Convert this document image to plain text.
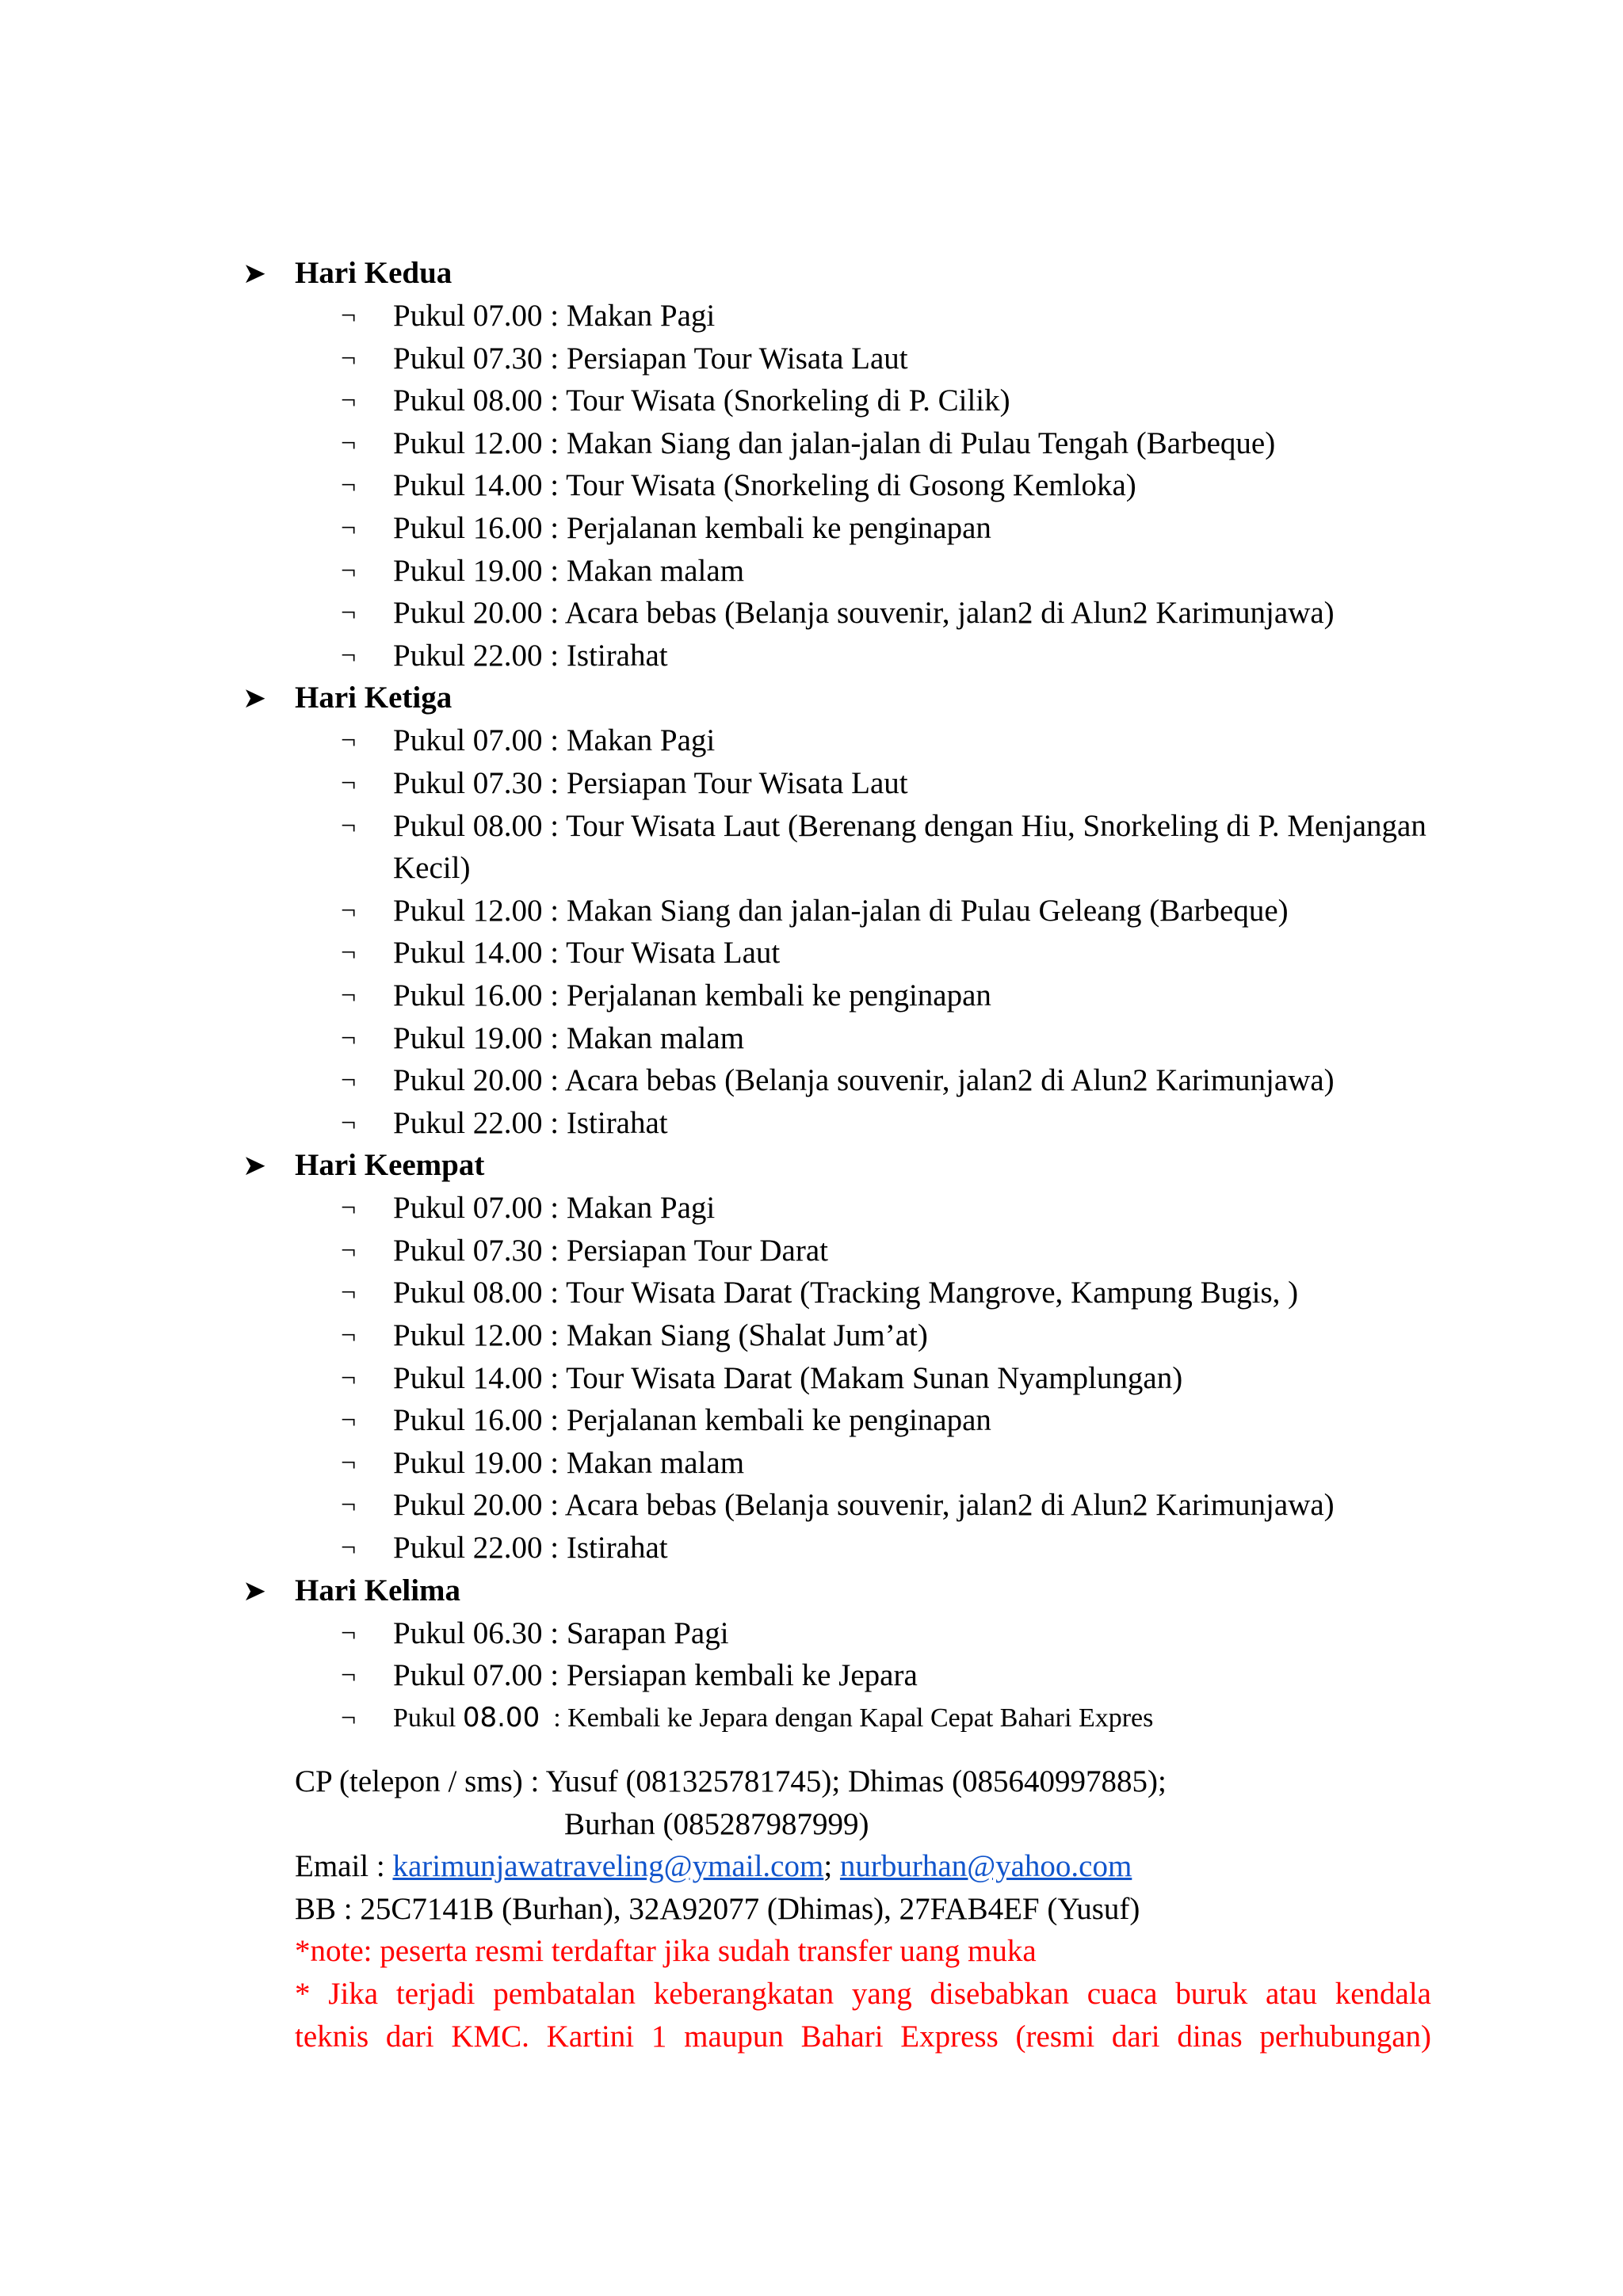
➤ Hari Kedua
¬	Pukul 07.00 : Makan Pagi
¬	Pukul 07.30 : Persiapan Tour Wisata Laut
¬	Pukul 08.00 : Tour Wisata (Snorkeling di P. Cilik)
¬	Pukul 12.00 : Makan Siang dan jalan-jalan di Pulau Tengah (Barbeque)
¬	Pukul 14.00 : Tour Wisata (Snorkeling di Gosong Kemloka)
¬	Pukul 16.00 : Perjalanan kembali ke penginapan
¬	Pukul 19.00 : Makan malam
¬	Pukul 20.00 : Acara bebas (Belanja souvenir, jalan2 di Alun2 Karimunjawa)
¬	Pukul 22.00 : Istirahat
➤ Hari Ketiga
¬	Pukul 07.00 : Makan Pagi
¬	Pukul 07.30 : Persiapan Tour Wisata Laut
¬	Pukul 08.00 : Tour Wisata Laut (Berenang dengan Hiu, Snorkeling di P. Menjangan Kecil)
¬	Pukul 12.00 : Makan Siang dan jalan-jalan di Pulau Geleang (Barbeque)
¬	Pukul 14.00 : Tour Wisata Laut
¬	Pukul 16.00 : Perjalanan kembali ke penginapan
¬	Pukul 19.00 : Makan malam
¬	Pukul 20.00 : Acara bebas (Belanja souvenir, jalan2 di Alun2 Karimunjawa)
¬	Pukul 22.00 : Istirahat
➤ Hari Keempat
¬	Pukul 07.00 : Makan Pagi
¬	Pukul 07.30 : Persiapan Tour Darat
¬	Pukul 08.00 : Tour Wisata Darat (Tracking Mangrove, Kampung Bugis, )
¬	Pukul 12.00 : Makan Siang (Shalat Jum’at)
¬	Pukul 14.00 : Tour Wisata Darat (Makam Sunan Nyamplungan)
¬	Pukul 16.00 : Perjalanan kembali ke penginapan
¬	Pukul 19.00 : Makan malam
¬	Pukul 20.00 : Acara bebas (Belanja souvenir, jalan2 di Alun2 Karimunjawa)
¬	Pukul 22.00 : Istirahat
➤ Hari Kelima
¬	Pukul 06.30 : Sarapan Pagi
¬	Pukul 07.00 : Persiapan kembali ke Jepara
¬	Pukul 08.00  : Kembali ke Jepara dengan Kapal Cepat Bahari Expres
CP (telepon / sms) : Yusuf (081325781745); Dhimas (085640997885);
Burhan (085287987999)
Email : karimunjawatraveling@ymail.com; nurburhan@yahoo.com
BB : 25C7141B (Burhan), 32A92077 (Dhimas), 27FAB4EF (Yusuf)
*note: peserta resmi terdaftar jika sudah transfer uang muka
* Jika terjadi pembatalan keberangkatan yang disebabkan cuaca buruk atau kendala
teknis dari KMC. Kartini 1 maupun Bahari Express (resmi dari dinas perhubungan)
